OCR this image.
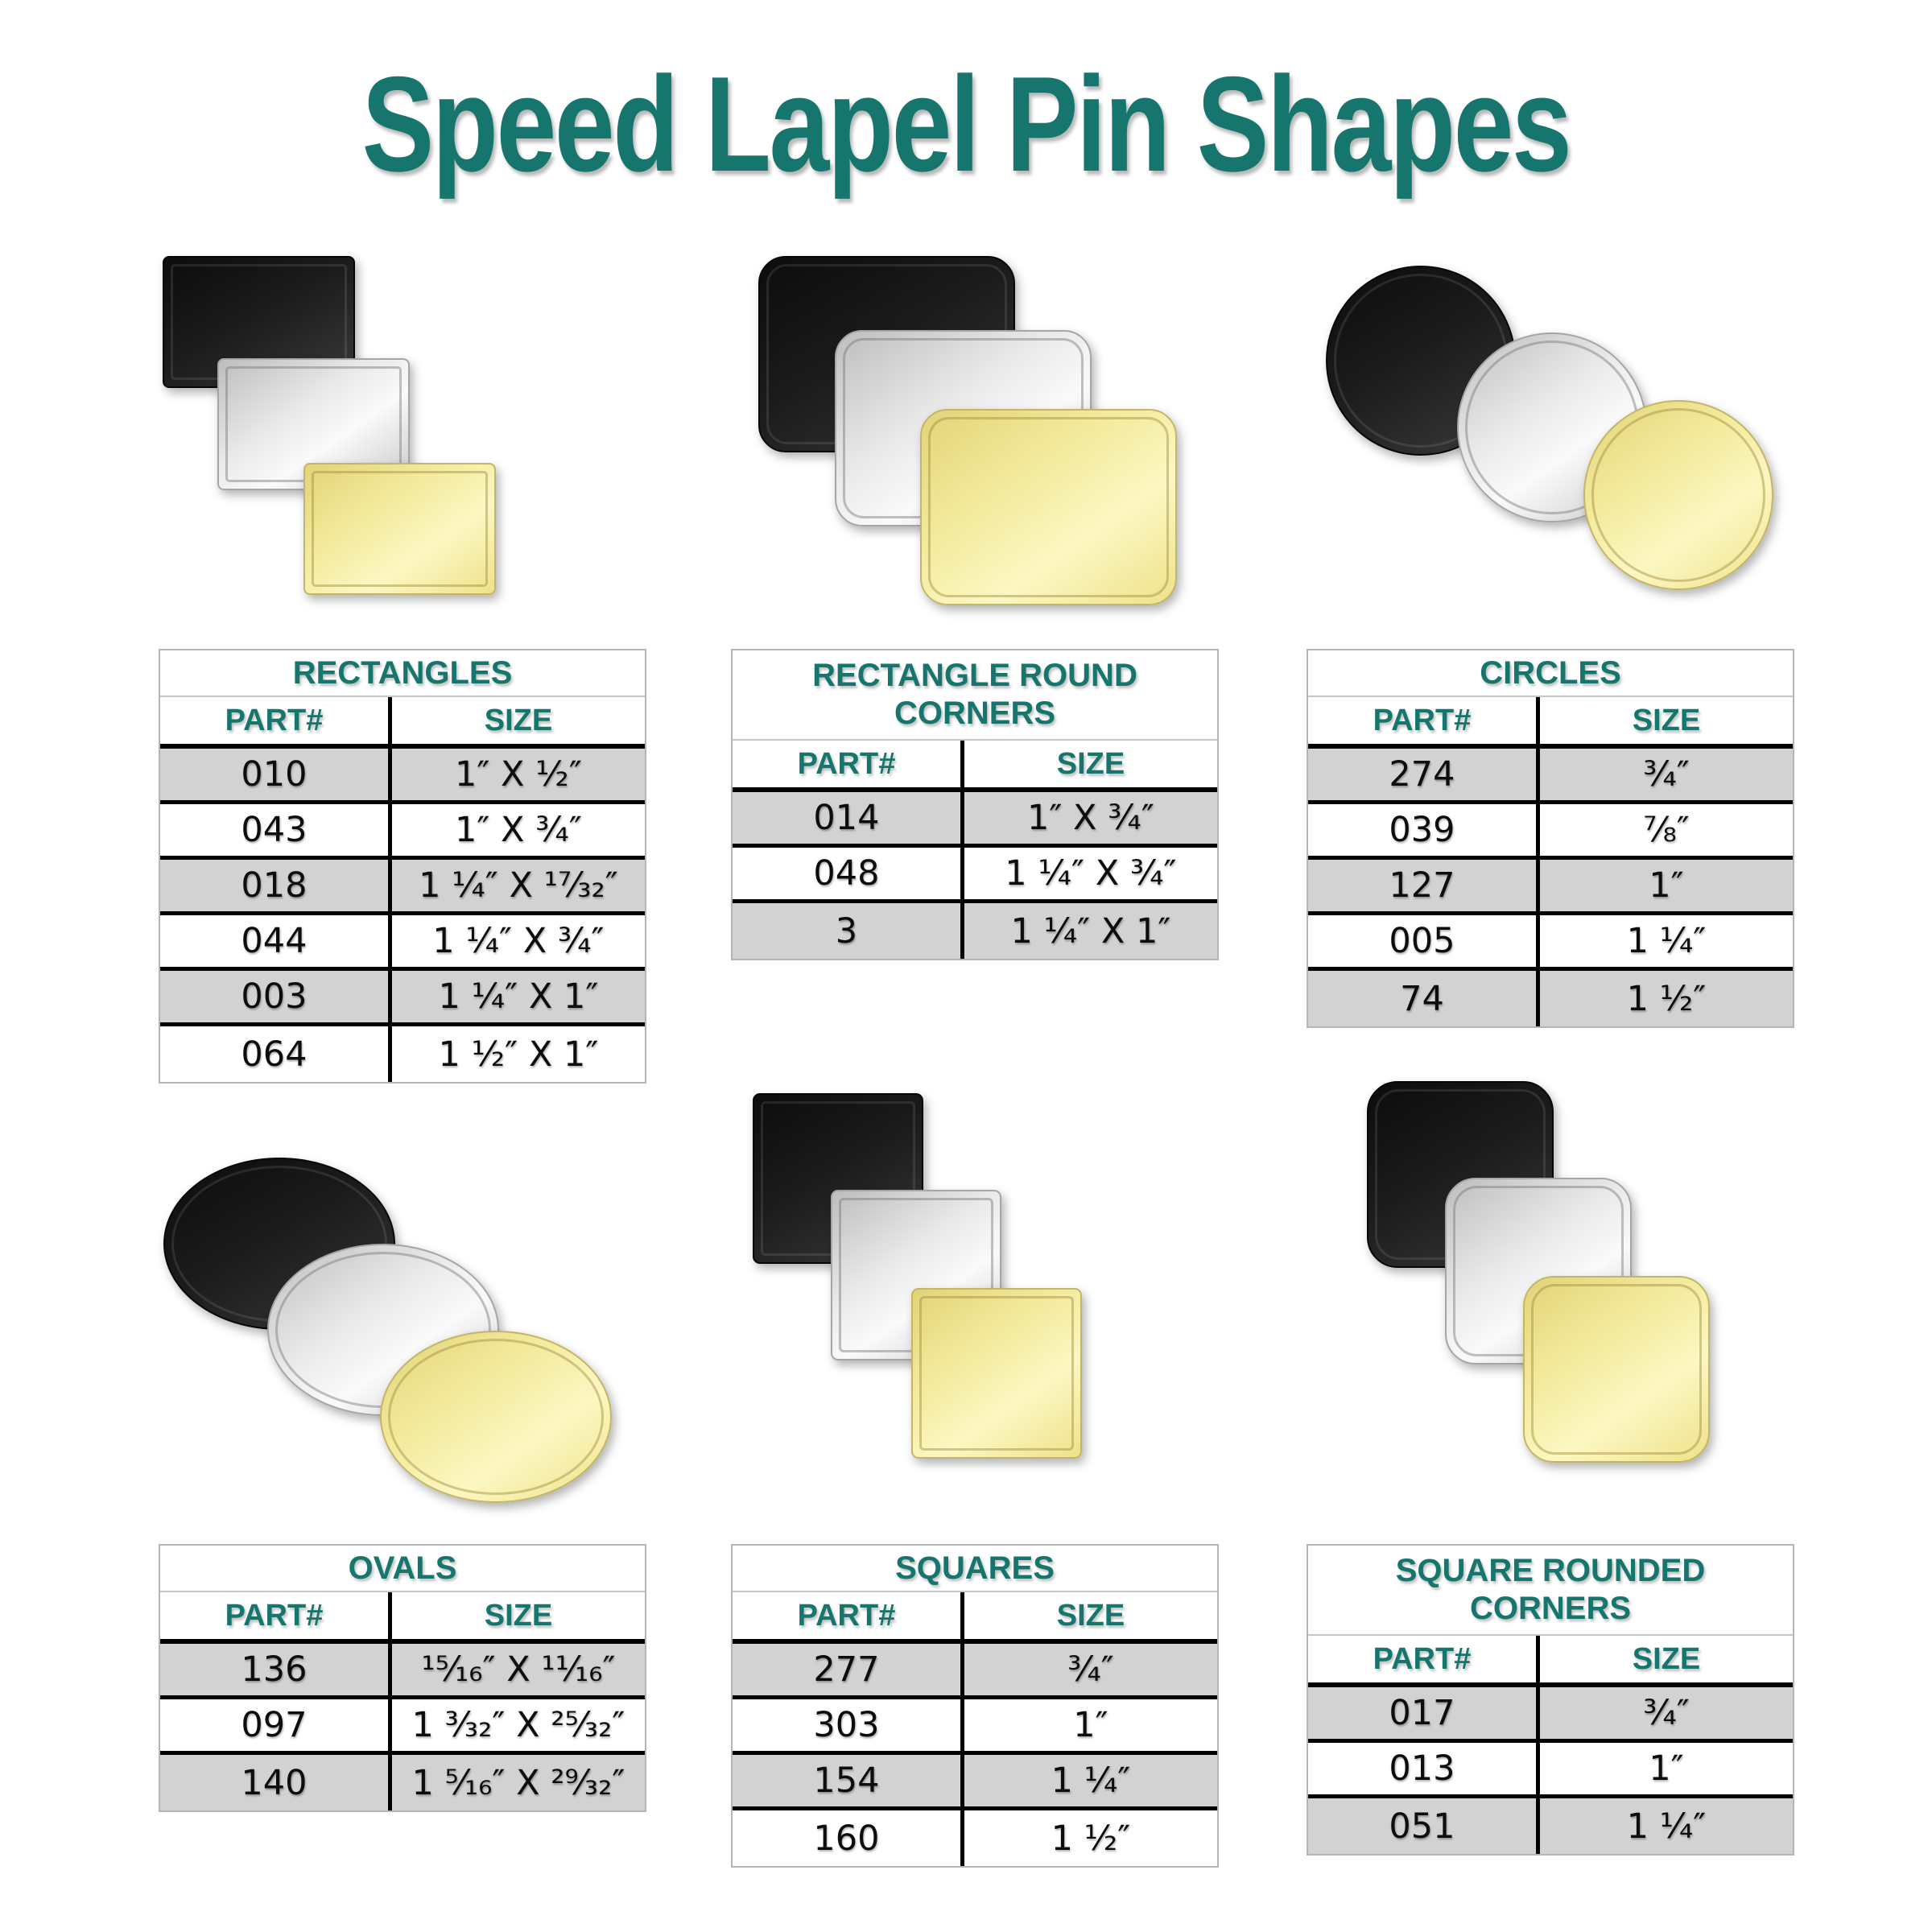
Speed Lapel Pin Shapes
RECTANGLES
PART#	SIZE
010	1″ X ½″
043	1″ X ¾″
018	1 ¼″ X ¹⁷⁄₃₂″
044	1 ¼″ X ¾″
003	1 ¼″ X 1″
064	1 ½″ X 1″
RECTANGLE ROUND CORNERS
PART#	SIZE
014	1″ X ¾″
048	1 ¼″ X ¾″
3	1 ¼″ X 1″
CIRCLES
PART#	SIZE
274	¾″
039	⅞″
127	1″
005	1 ¼″
74	1 ½″
OVALS
PART#	SIZE
136	¹⁵⁄₁₆″ X ¹¹⁄₁₆″
097	1 ³⁄₃₂″ X ²⁵⁄₃₂″
140	1 ⁵⁄₁₆″ X ²⁹⁄₃₂″
SQUARES
PART#	SIZE
277	¾″
303	1″
154	1 ¼″
160	1 ½″
SQUARE ROUNDED CORNERS
PART#	SIZE
017	¾″
013	1″
051	1 ¼″
